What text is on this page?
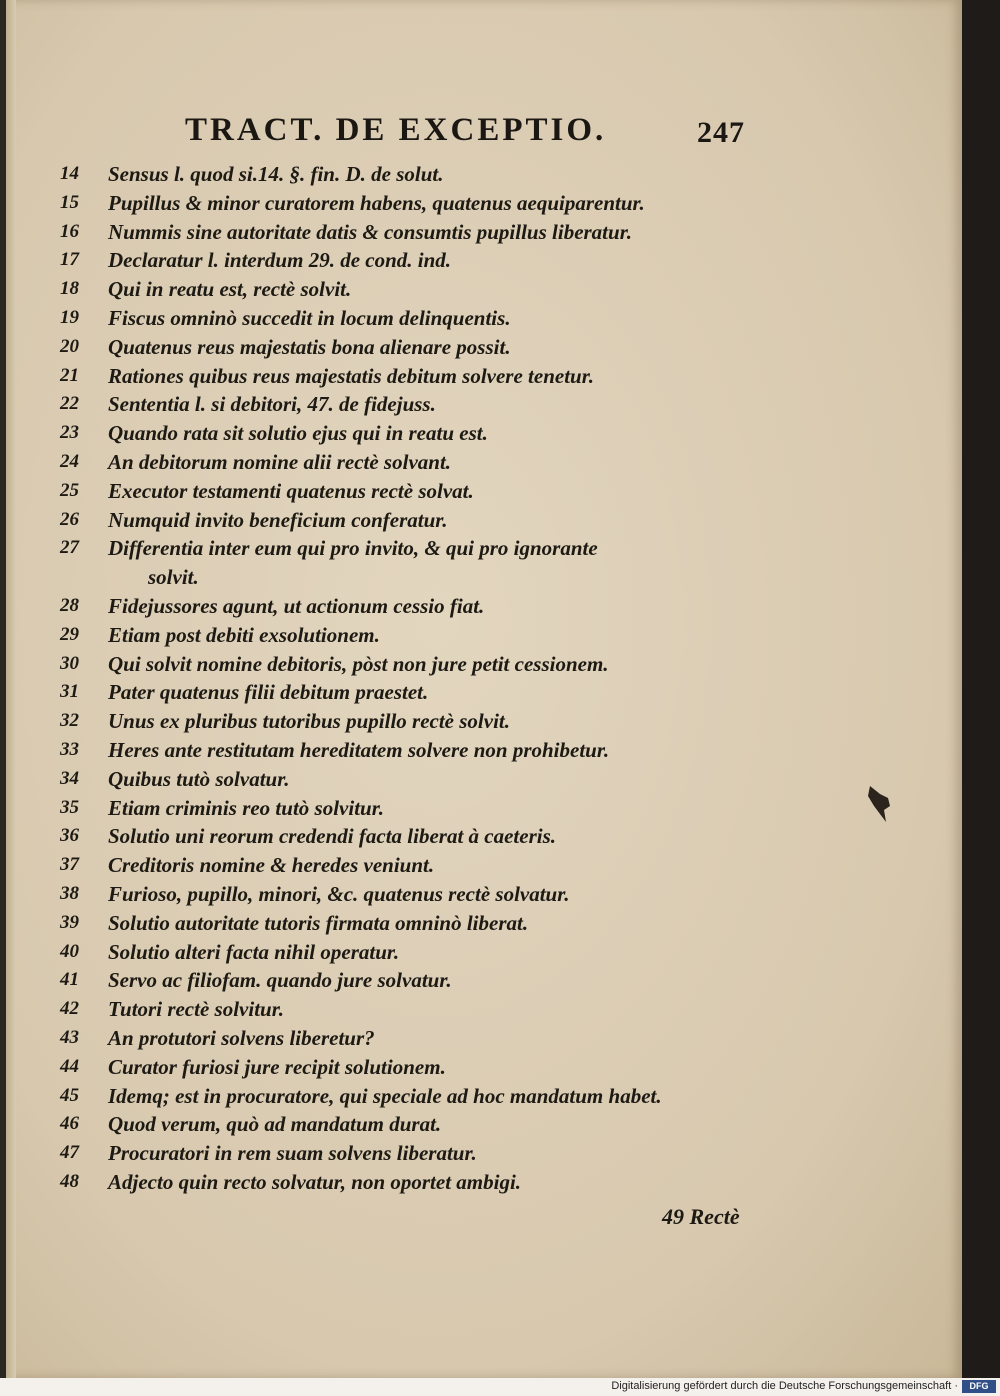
TRACT. DE EXCEPTIO.	247
14	Sensus l. quod si.14. §. fin. D. de solut.
15	Pupillus & minor curatorem habens, quatenus aequiparentur.
16	Nummis sine autoritate datis & consumtis pupillus liberatur.
17	Declaratur l. interdum 29. de cond. ind.
18	Qui in reatu est, rectè solvit.
19	Fiscus omninò succedit in locum delinquentis.
20	Quatenus reus majestatis bona alienare possit.
21	Rationes quibus reus majestatis debitum solvere tenetur.
22	Sententia l. si debitori, 47. de fidejuss.
23	Quando rata sit solutio ejus qui in reatu est.
24	An debitorum nomine alii rectè solvant.
25	Executor testamenti quatenus rectè solvat.
26	Numquid invito beneficium conferatur.
27	Differentia inter eum qui pro invito, & qui pro ignorante
solvit.
28	Fidejussores agunt, ut actionum cessio fiat.
29	Etiam post debiti exsolutionem.
30	Qui solvit nomine debitoris, pòst non jure petit cessionem.
31	Pater quatenus filii debitum praestet.
32	Unus ex pluribus tutoribus pupillo rectè solvit.
33	Heres ante restitutam hereditatem solvere non prohibetur.
34	Quibus tutò solvatur.
35	Etiam criminis reo tutò solvitur.
36	Solutio uni reorum credendi facta liberat à caeteris.
37	Creditoris nomine & heredes veniunt.
38	Furioso, pupillo, minori, &c. quatenus rectè solvatur.
39	Solutio autoritate tutoris firmata omninò liberat.
40	Solutio alteri facta nihil operatur.
41	Servo ac filiofam. quando jure solvatur.
42	Tutori rectè solvitur.
43	An protutori solvens liberetur?
44	Curator furiosi jure recipit solutionem.
45	Idemq; est in procuratore, qui speciale ad hoc mandatum habet.
46	Quod verum, quò ad mandatum durat.
47	Procuratori in rem suam solvens liberatur.
48	Adjecto quin recto solvatur, non oportet ambigi.
49 Rectè
Digitalisierung gefördert durch die Deutsche Forschungsgemeinschaft ·	DFG
